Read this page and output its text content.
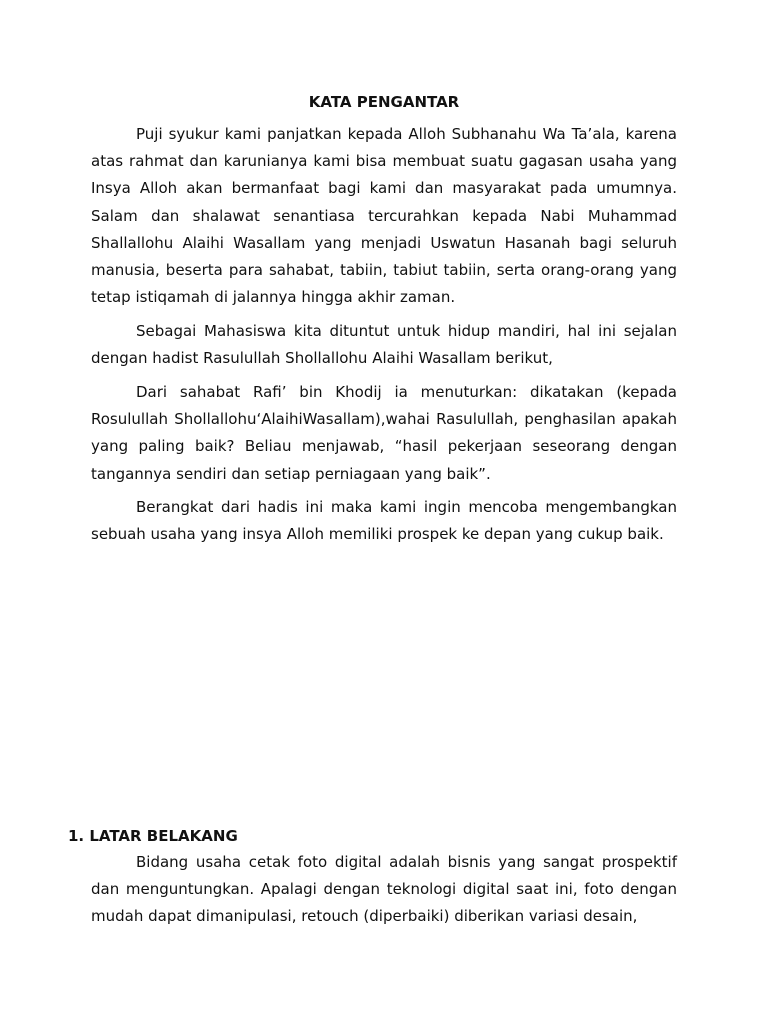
KATA PENGANTAR

Puji syukur kami panjatkan kepada Alloh Subhanahu Wa Ta’ala, karena atas rahmat dan karunianya kami bisa membuat suatu gagasan usaha yang Insya Alloh akan bermanfaat bagi kami dan masyarakat pada umumnya. Salam dan shalawat senantiasa tercurahkan kepada Nabi Muhammad Shallallohu Alaihi Wasallam yang menjadi Uswatun Hasanah bagi seluruh manusia, beserta para sahabat, tabiin, tabiut tabiin, serta orang-orang yang tetap istiqamah di jalannya hingga akhir zaman.

Sebagai Mahasiswa kita dituntut untuk hidup mandiri, hal ini sejalan dengan hadist Rasulullah Shollallohu Alaihi Wasallam berikut,

Dari sahabat Rafi’ bin Khodij ia menuturkan: dikatakan (kepada Rosulullah Shollallohu‘AlaihiWasallam),wahai Rasulullah, penghasilan apakah yang paling baik? Beliau menjawab, “hasil pekerjaan seseorang dengan tangannya sendiri dan setiap perniagaan yang baik”.

Berangkat dari hadis ini maka kami ingin mencoba mengembangkan sebuah usaha yang insya Alloh memiliki prospek ke depan yang cukup baik.

1. LATAR BELAKANG

Bidang usaha cetak foto digital adalah bisnis yang sangat prospektif dan menguntungkan. Apalagi dengan teknologi digital saat ini, foto dengan mudah dapat dimanipulasi, retouch (diperbaiki) diberikan variasi desain,
